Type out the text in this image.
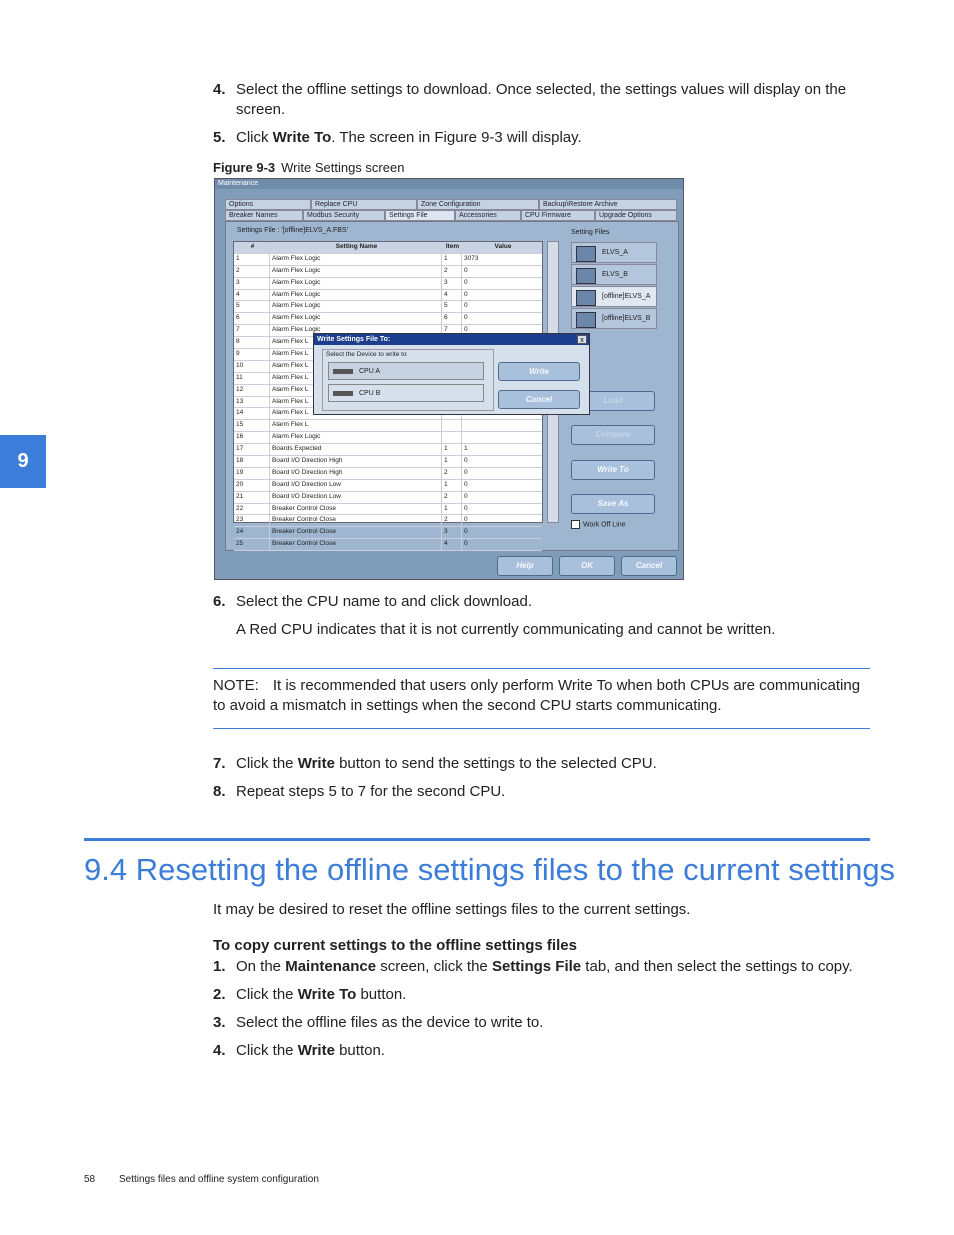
4. Select the offline settings to download. Once selected, the settings values will display on the screen.
5. Click Write To. The screen in Figure 9-3 will display.
Figure 9-3 Write Settings screen
Maintenance
Options	Replace CPU	Zone Configuration	Backup\Restore Archive
Breaker Names	Modbus Security	Settings File	Accessories	CPU Firmware	Upgrade Options
Settings File : '[offline]ELVS_A.FBS'	Setting Files
#	Setting Name	Item	Value
1	Alarm Flex Logic	1	3073
2	Alarm Flex Logic	2	0
3	Alarm Flex Logic	3	0
4	Alarm Flex Logic	4	0
5	Alarm Flex Logic	5	0
6	Alarm Flex Logic	6	0
7	Alarm Flex Logic	7	0
8	Alarm Flex L
9	Alarm Flex L
10	Alarm Flex L
11	Alarm Flex L
12	Alarm Flex L
13	Alarm Flex L
14	Alarm Flex L
15	Alarm Flex L
16	Alarm Flex Logic
17	Boards Expected	1	1
18	Board I/O Direction High	1	0
19	Board I/O Direction High	2	0
20	Board I/O Direction Low	1	0
21	Board I/O Direction Low	2	0
22	Breaker Control Close	1	0
23	Breaker Control Close	2	0
24	Breaker Control Close	3	0
25	Breaker Control Close	4	0
ELVS_A
ELVS_B
[offline]ELVS_A
[offline]ELVS_B
Load
Compare
Write To
Save As
Work Off Line
Help	OK	Cancel
Write Settings File To:	x
Select the Device to write to
CPU A
CPU B
Write
Cancel
6. Select the CPU name to and click download.
A Red CPU indicates that it is not currently communicating and cannot be written.
NOTE: It is recommended that users only perform Write To when both CPUs are communicating to avoid a mismatch in settings when the second CPU starts communicating.
7. Click the Write button to send the settings to the selected CPU.
8. Repeat steps 5 to 7 for the second CPU.
9.4 Resetting the offline settings files to the current settings
It may be desired to reset the offline settings files to the current settings.
To copy current settings to the offline settings files
1. On the Maintenance screen, click the Settings File tab, and then select the settings to copy.
2. Click the Write To button.
3. Select the offline files as the device to write to.
4. Click the Write button.
9
58 Settings files and offline system configuration
